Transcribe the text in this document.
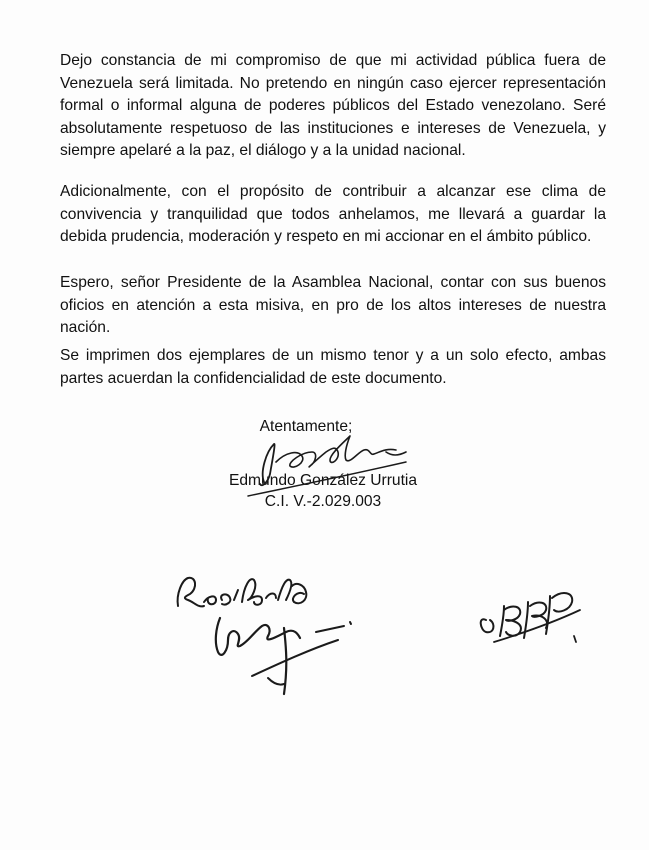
Dejo constancia de mi compromiso de que mi actividad pública fuera de Venezuela será limitada. No pretendo en ningún caso ejercer representación formal o informal alguna de poderes públicos del Estado venezolano. Seré absolutamente respetuoso de las instituciones e intereses de Venezuela, y siempre apelaré a la paz, el diálogo y a la unidad nacional.

Adicionalmente, con el propósito de contribuir a alcanzar ese clima de convivencia y tranquilidad que todos anhelamos, me llevará a guardar la debida prudencia, moderación y respeto en mi accionar en el ámbito público.

Espero, señor Presidente de la Asamblea Nacional, contar con sus buenos oficios en atención a esta misiva, en pro de los altos intereses de nuestra nación.

Se imprimen dos ejemplares de un mismo tenor y a un solo efecto, ambas partes acuerdan la confidencialidad de este documento.

Atentamente;
Edmundo González Urrutia
C.I. V.-2.029.003
